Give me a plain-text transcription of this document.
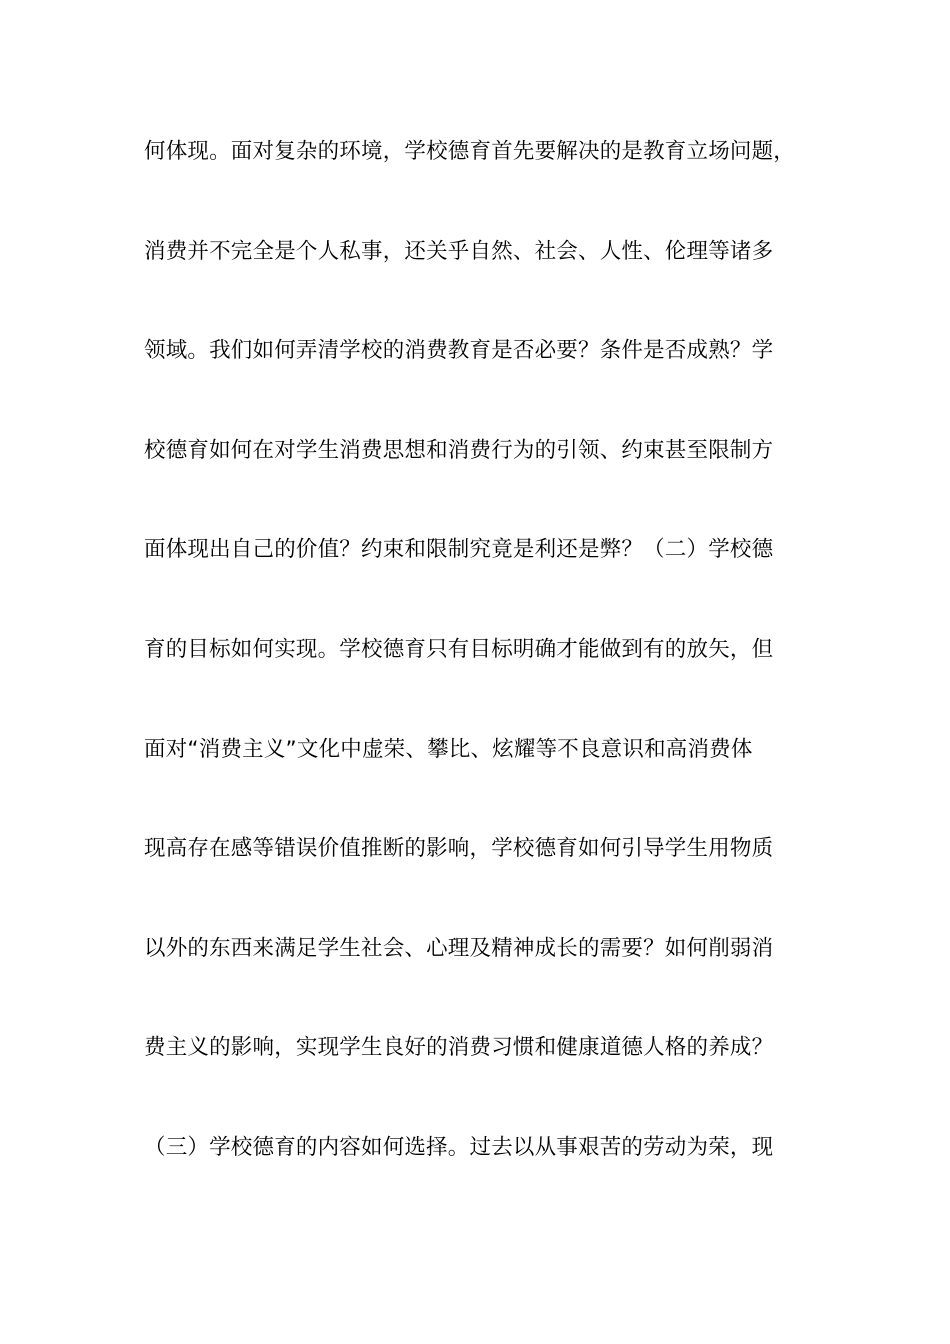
何体现。面对复杂的环境，学校德育首先要解决的是教育立场问题，
消费并不完全是个人私事，还关乎自然、社会、人性、伦理等诸多
领域。我们如何弄清学校的消费教育是否必要？条件是否成熟？学
校德育如何在对学生消费思想和消费行为的引领、约束甚至限制方
面体现出自己的价值？约束和限制究竟是利还是弊？（二）学校德
育的目标如何实现。学校德育只有目标明确才能做到有的放矢，但
面对“消费主义”文化中虚荣、攀比、炫耀等不良意识和高消费体
现高存在感等错误价值推断的影响，学校德育如何引导学生用物质
以外的东西来满足学生社会、心理及精神成长的需要？如何削弱消
费主义的影响，实现学生良好的消费习惯和健康道德人格的养成？
（三）学校德育的内容如何选择。过去以从事艰苦的劳动为荣，现
